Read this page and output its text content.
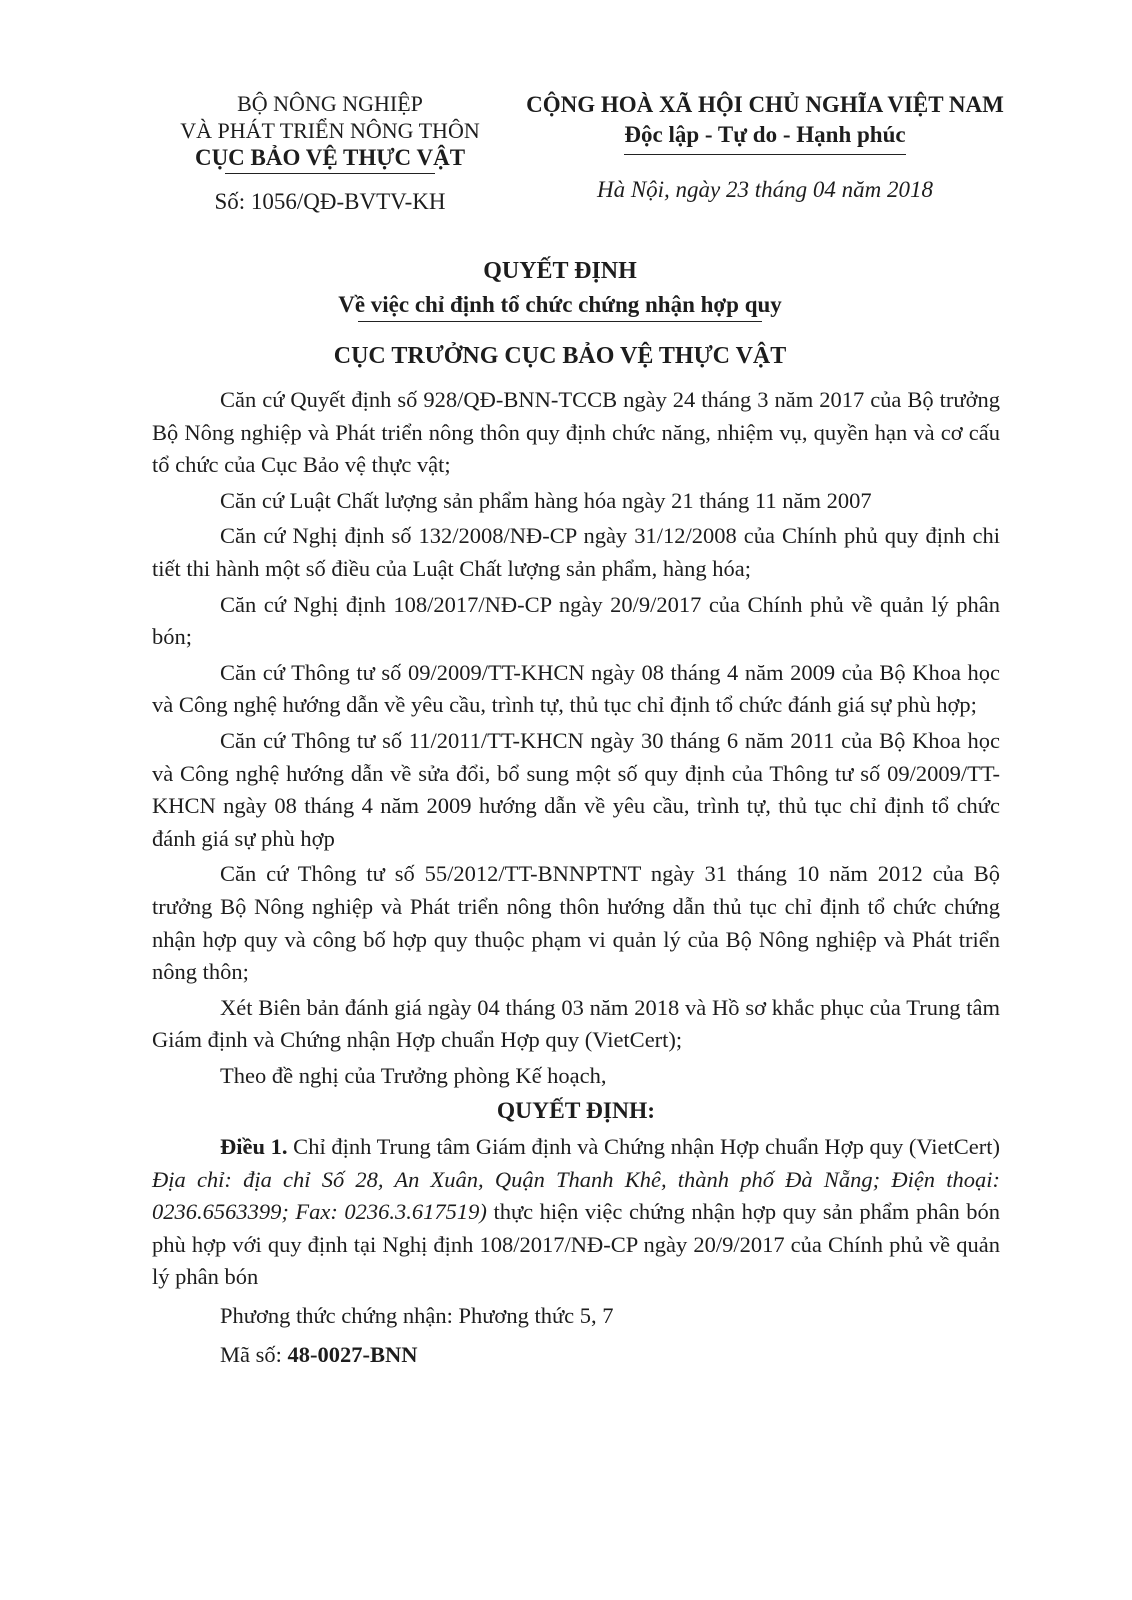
BỘ NÔNG NGHIỆP
VÀ PHÁT TRIỂN NÔNG THÔN
CỤC BẢO VỆ THỰC VẬT
Số: 1056/QĐ-BVTV-KH
CỘNG HOÀ XÃ HỘI CHỦ NGHĨA VIỆT NAM
Độc lập - Tự do - Hạnh phúc
Hà Nội, ngày 23 tháng 04 năm 2018
QUYẾT ĐỊNH
Về việc chỉ định tổ chức chứng nhận hợp quy
CỤC TRƯỞNG CỤC BẢO VỆ THỰC VẬT

Căn cứ Quyết định số 928/QĐ-BNN-TCCB ngày 24 tháng 3 năm 2017 của Bộ trưởng Bộ Nông nghiệp và Phát triển nông thôn quy định chức năng, nhiệm vụ, quyền hạn và cơ cấu tổ chức của Cục Bảo vệ thực vật;

Căn cứ Luật Chất lượng sản phẩm hàng hóa ngày 21 tháng 11 năm 2007

Căn cứ Nghị định số 132/2008/NĐ-CP ngày 31/12/2008 của Chính phủ quy định chi tiết thi hành một số điều của Luật Chất lượng sản phẩm, hàng hóa;

Căn cứ Nghị định 108/2017/NĐ-CP ngày 20/9/2017 của Chính phủ về quản lý phân bón;

Căn cứ Thông tư số 09/2009/TT-KHCN ngày 08 tháng 4 năm 2009 của Bộ Khoa học và Công nghệ hướng dẫn về yêu cầu, trình tự, thủ tục chỉ định tổ chức đánh giá sự phù hợp;

Căn cứ Thông tư số 11/2011/TT-KHCN ngày 30 tháng 6 năm 2011 của Bộ Khoa học và Công nghệ hướng dẫn về sửa đổi, bổ sung một số quy định của Thông tư số 09/2009/TT-KHCN ngày 08 tháng 4 năm 2009 hướng dẫn về yêu cầu, trình tự, thủ tục chỉ định tổ chức đánh giá sự phù hợp

Căn cứ Thông tư số 55/2012/TT-BNNPTNT ngày 31 tháng 10 năm 2012 của Bộ trưởng Bộ Nông nghiệp và Phát triển nông thôn hướng dẫn thủ tục chỉ định tổ chức chứng nhận hợp quy và công bố hợp quy thuộc phạm vi quản lý của Bộ Nông nghiệp và Phát triển nông thôn;

Xét Biên bản đánh giá ngày 04 tháng 03 năm 2018 và Hồ sơ khắc phục của Trung tâm Giám định và Chứng nhận Hợp chuẩn Hợp quy (VietCert);

Theo đề nghị của Trưởng phòng Kế hoạch,

QUYẾT ĐỊNH:

Điều 1. Chỉ định Trung tâm Giám định và Chứng nhận Hợp chuẩn Hợp quy (VietCert) Địa chỉ: địa chỉ Số 28, An Xuân, Quận Thanh Khê, thành phố Đà Nẵng; Điện thoại: 0236.6563399; Fax: 0236.3.617519) thực hiện việc chứng nhận hợp quy sản phẩm phân bón phù hợp với quy định tại Nghị định 108/2017/NĐ-CP ngày 20/9/2017 của Chính phủ về quản lý phân bón

Phương thức chứng nhận: Phương thức 5, 7

Mã số: 48-0027-BNN
